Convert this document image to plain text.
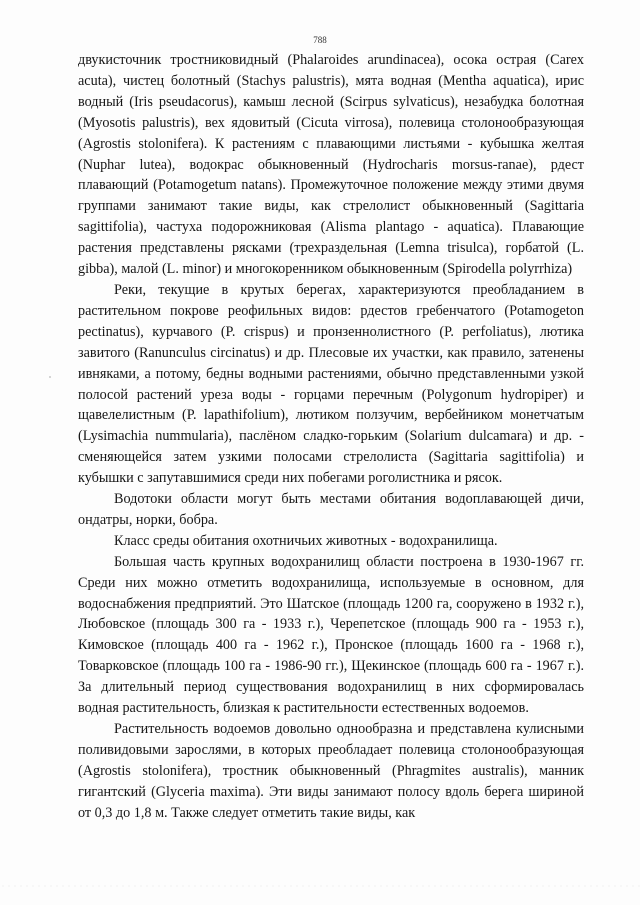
788

двукисточник тростниковидный (Phalaroides arundinacea), осока острая (Carex acuta), чистец болотный (Stachys palustris), мята водная (Mentha aquatica), ирис водный (Iris pseudacorus), камыш лесной (Scirpus sylvaticus), незабудка болотная (Myosotis palustris), вех ядовитый (Cicuta virrosa), полевица столонообразующая (Agrostis stolonifera). К растениям с плавающими листьями - кубышка желтая (Nuphar lutea), водокрас обыкновенный (Hydrocharis morsus-ranae), рдест плавающий (Potamogetum natans). Промежуточное положение между этими двумя группами занимают такие виды, как стрелолист обыкновенный (Sagittaria sagittifolia), частуха подорожниковая (Alisma plantago - aquatica). Плавающие растения представлены рясками (трехраздельная (Lemna trisulca), горбатой (L. gibba), малой (L. minor) и многокоренником обыкновенным (Spirodella polyrrhiza)

Реки, текущие в крутых берегах, характеризуются преобладанием в растительном покрове реофильных видов: рдестов гребенчатого (Potamogeton pectinatus), курчавого (P. crispus) и пронзеннолистного (P. perfoliatus), лютика завитого (Ranunculus circinatus) и др. Плесовые их участки, как правило, затенены ивняками, а потому, бедны водными растениями, обычно представленными узкой полосой растений уреза воды - горцами перечным (Polygonum hydropiper) и щавелелистным (P. lapathifolium), лютиком ползучим, вербейником монетчатым (Lysimachia nummularia), паслёном сладко-горьким (Solarium dulcamara) и др. - сменяющейся затем узкими полосами стрелолиста (Sagittaria sagittifolia) и кубышки с запутавшимися среди них побегами роголистника и рясок.

Водотоки области могут быть местами обитания водоплавающей дичи, ондатры, норки, бобра.

Класс среды обитания охотничьих животных - водохранилища.

Большая часть крупных водохранилищ области построена в 1930-1967 гг. Среди них можно отметить водохранилища, используемые в основном, для водоснабжения предприятий. Это Шатское (площадь 1200 га, сооружено в 1932 г.), Любовское (площадь 300 га - 1933 г.), Черепетское (площадь 900 га - 1953 г.), Кимовское (площадь 400 га - 1962 г.), Пронское (площадь 1600 га - 1968 г.), Товарковское (площадь 100 га - 1986-90 гг.), Щекинское (площадь 600 га - 1967 г.). За длительный период существования водохранилищ в них сформировалась водная растительность, близкая к растительности естественных водоемов.

Растительность водоемов довольно однообразна и представлена кулисными поливидовыми зарослями, в которых преобладает полевица столонообразующая (Agrostis stolonifera), тростник обыкновенный (Phragmites australis), манник гигантский (Glyceria maxima). Эти виды занимают полосу вдоль берега шириной от 0,3 до 1,8 м. Также следует отметить такие виды, как
